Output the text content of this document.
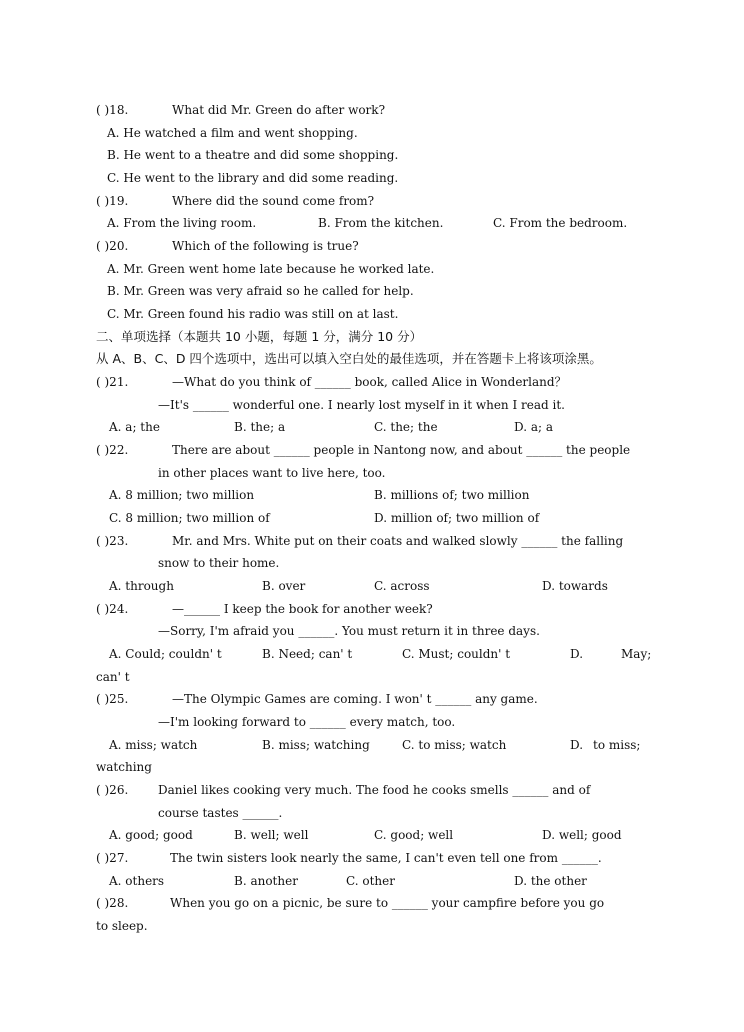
( )18.	What did Mr. Green do after work?
A. He watched a film and went shopping.
B. He went to a theatre and did some shopping.
C. He went to the library and did some reading.
( )19.	Where did the sound come from?
A. From the living room.	B. From the kitchen.	C. From the bedroom.
( )20.	Which of the following is true?
A. Mr. Green went home late because he worked late.
B. Mr. Green was very afraid so he called for help.
C. Mr. Green found his radio was still on at last.
二、单项选择（本题共 10 小题，每题 1 分，满分 10 分）
从 A、B、C、D 四个选项中，选出可以填入空白处的最佳选项，并在答题卡上将该项涂黑。
( )21.	—What do you think of ______ book, called Alice in Wonderland？
—It's ______ wonderful one. I nearly lost myself in it when I read it.
A. a; the	B. the; a	C. the; the	D. a; a
( )22.	There are about ______ people in Nantong now, and about ______ the people
in other places want to live here, too.
A. 8 million; two million	B. millions of; two million
C. 8 million; two million of	D. million of; two million of
( )23.	Mr. and Mrs. White put on their coats and walked slowly ______ the falling
snow to their home.
A. through	B. over	C. across	D. towards
( )24.	—______ I keep the book for another week?
—Sorry, I'm afraid you ______. You must return it in three days.
A. Could; couldn' t	B. Need; can' t	C. Must; couldn' t	D.	May;
can' t
( )25.	—The Olympic Games are coming. I won' t ______ any game.
—I'm looking forward to ______ every match, too.
A. miss; watch	B. miss; watching	C. to miss; watch	D. to miss;
watching
( )26. Daniel likes cooking very much. The food he cooks smells ______ and of
course tastes ______.
A. good; good	B. well; well	C. good; well	D. well; good
( )27.	The twin sisters look nearly the same, I can't even tell one from ______.
A. others	B. another	C. other	D. the other
( )28.	When you go on a picnic, be sure to ______ your campfire before you go
to sleep.
